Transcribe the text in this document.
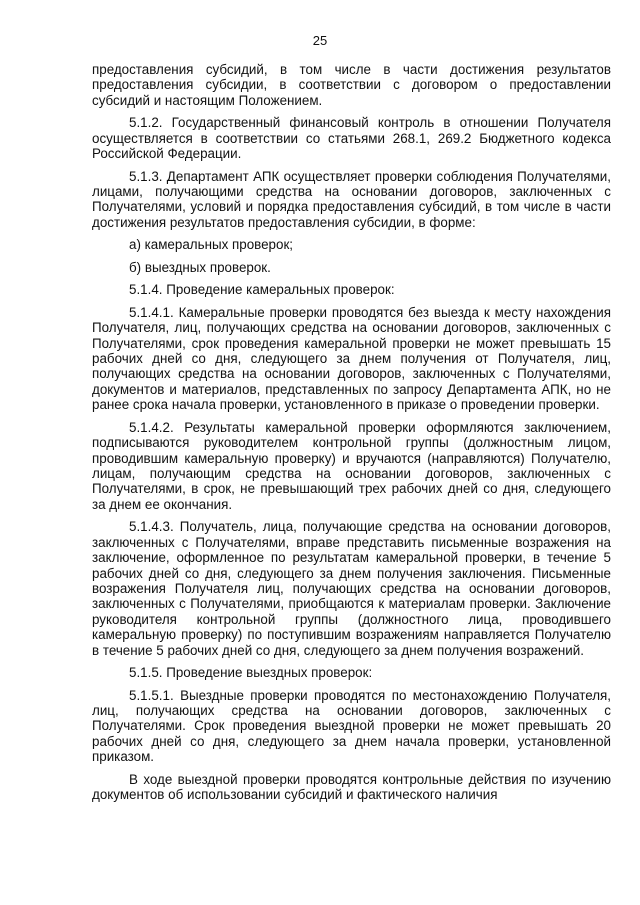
25

предоставления субсидий, в том числе в части достижения результатов предоставления субсидии, в соответствии с договором о предоставлении субсидий и настоящим Положением.

5.1.2. Государственный финансовый контроль в отношении Получателя осуществляется в соответствии со статьями 268.1, 269.2 Бюджетного кодекса Российской Федерации.

5.1.3. Департамент АПК осуществляет проверки соблюдения Получателями, лицами, получающими средства на основании договоров, заключенных с Получателями, условий и порядка предоставления субсидий, в том числе в части достижения результатов предоставления субсидии, в форме:

а) камеральных проверок;

б) выездных проверок.

5.1.4. Проведение камеральных проверок:

5.1.4.1. Камеральные проверки проводятся без выезда к месту нахождения Получателя, лиц, получающих средства на основании договоров, заключенных с Получателями, срок проведения камеральной проверки не может превышать 15 рабочих дней со дня, следующего за днем получения от Получателя, лиц, получающих средства на основании договоров, заключенных с Получателями, документов и материалов, представленных по запросу Департамента АПК, но не ранее срока начала проверки, установленного в приказе о проведении проверки.

5.1.4.2. Результаты камеральной проверки оформляются заключением, подписываются руководителем контрольной группы (должностным лицом, проводившим камеральную проверку) и вручаются (направляются) Получателю, лицам, получающим средства на основании договоров, заключенных с Получателями, в срок, не превышающий трех рабочих дней со дня, следующего за днем ее окончания.

5.1.4.3. Получатель, лица, получающие средства на основании договоров, заключенных с Получателями, вправе представить письменные возражения на заключение, оформленное по результатам камеральной проверки, в течение 5 рабочих дней со дня, следующего за днем получения заключения. Письменные возражения Получателя лиц, получающих средства на основании договоров, заключенных с Получателями, приобщаются к материалам проверки. Заключение руководителя контрольной группы (должностного лица, проводившего камеральную проверку) по поступившим возражениям направляется Получателю в течение 5 рабочих дней со дня, следующего за днем получения возражений.

5.1.5. Проведение выездных проверок:

5.1.5.1. Выездные проверки проводятся по местонахождению Получателя, лиц, получающих средства на основании договоров, заключенных с Получателями. Срок проведения выездной проверки не может превышать 20 рабочих дней со дня, следующего за днем начала проверки, установленной приказом.

В ходе выездной проверки проводятся контрольные действия по изучению документов об использовании субсидий и фактического наличия
